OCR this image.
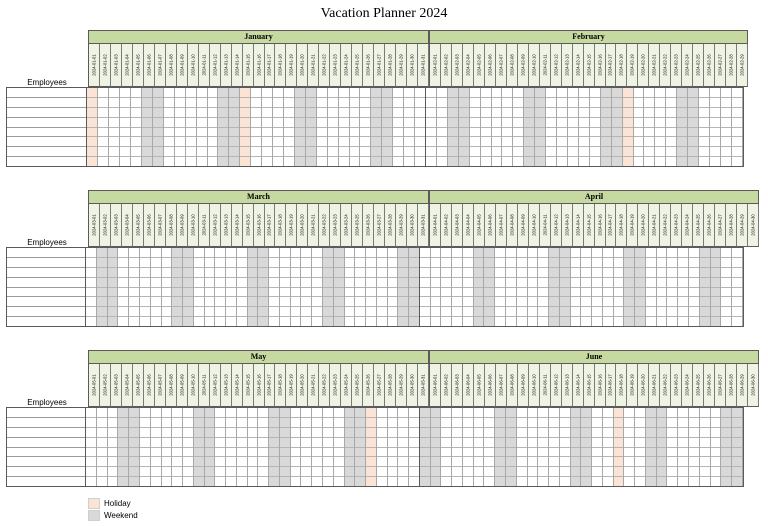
Vacation Planner 2024
Employees
January
2024-01-01 2024-01-02 2024-01-03 2024-01-04 2024-01-05 2024-01-06 2024-01-07 2024-01-08 2024-01-09 2024-01-10 2024-01-11 2024-01-12 2024-01-13 2024-01-14 2024-01-15 2024-01-16 2024-01-17 2024-01-18 2024-01-19 2024-01-20 2024-01-21 2024-01-22 2024-01-23 2024-01-24 2024-01-25 2024-01-26 2024-01-27 2024-01-28 2024-01-29 2024-01-30 2024-01-31
February
2024-02-01 2024-02-02 2024-02-03 2024-02-04 2024-02-05 2024-02-06 2024-02-07 2024-02-08 2024-02-09 2024-02-10 2024-02-11 2024-02-12 2024-02-13 2024-02-14 2024-02-15 2024-02-16 2024-02-17 2024-02-18 2024-02-19 2024-02-20 2024-02-21 2024-02-22 2024-02-23 2024-02-24 2024-02-25 2024-02-26 2024-02-27 2024-02-28 2024-02-29
Employees
March
2024-03-01 2024-03-02 2024-03-03 2024-03-04 2024-03-05 2024-03-06 2024-03-07 2024-03-08 2024-03-09 2024-03-10 2024-03-11 2024-03-12 2024-03-13 2024-03-14 2024-03-15 2024-03-16 2024-03-17 2024-03-18 2024-03-19 2024-03-20 2024-03-21 2024-03-22 2024-03-23 2024-03-24 2024-03-25 2024-03-26 2024-03-27 2024-03-28 2024-03-29 2024-03-30 2024-03-31
April
2024-04-01 2024-04-02 2024-04-03 2024-04-04 2024-04-05 2024-04-06 2024-04-07 2024-04-08 2024-04-09 2024-04-10 2024-04-11 2024-04-12 2024-04-13 2024-04-14 2024-04-15 2024-04-16 2024-04-17 2024-04-18 2024-04-19 2024-04-20 2024-04-21 2024-04-22 2024-04-23 2024-04-24 2024-04-25 2024-04-26 2024-04-27 2024-04-28 2024-04-29 2024-04-30
Employees
May
2024-05-01 2024-05-02 2024-05-03 2024-05-04 2024-05-05 2024-05-06 2024-05-07 2024-05-08 2024-05-09 2024-05-10 2024-05-11 2024-05-12 2024-05-13 2024-05-14 2024-05-15 2024-05-16 2024-05-17 2024-05-18 2024-05-19 2024-05-20 2024-05-21 2024-05-22 2024-05-23 2024-05-24 2024-05-25 2024-05-26 2024-05-27 2024-05-28 2024-05-29 2024-05-30 2024-05-31
June
2024-06-01 2024-06-02 2024-06-03 2024-06-04 2024-06-05 2024-06-06 2024-06-07 2024-06-08 2024-06-09 2024-06-10 2024-06-11 2024-06-12 2024-06-13 2024-06-14 2024-06-15 2024-06-16 2024-06-17 2024-06-18 2024-06-19 2024-06-20 2024-06-21 2024-06-22 2024-06-23 2024-06-24 2024-06-25 2024-06-26 2024-06-27 2024-06-28 2024-06-29 2024-06-30
Holiday
Weekend
